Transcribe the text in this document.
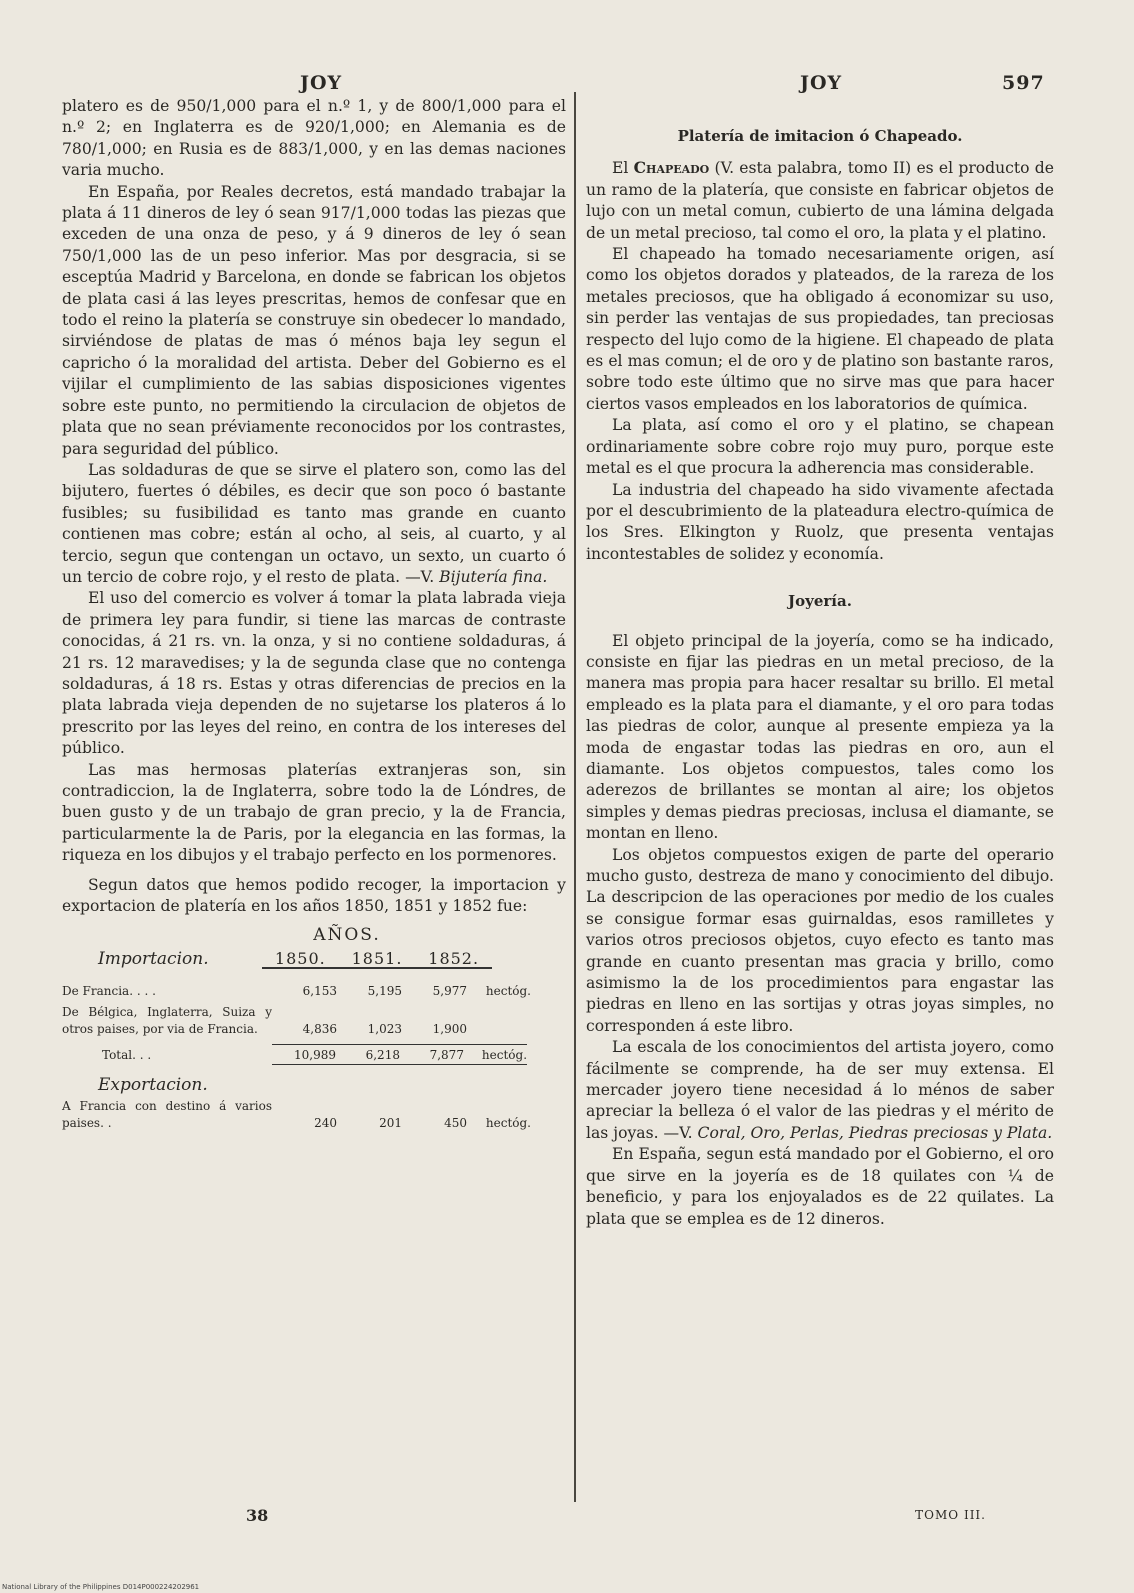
JOY	JOY	597

platero es de 950/1,000 para el n.º 1, y de 800/1,000 para el n.º 2; en Inglaterra es de 920/1,000; en Alemania es de 780/1,000; en Rusia es de 883/1,000, y en las demas naciones varia mucho.

En España, por Reales decretos, está mandado trabajar la plata á 11 dineros de ley ó sean 917/1,000 todas las piezas que exceden de una onza de peso, y á 9 dineros de ley ó sean 750/1,000 las de un peso inferior. Mas por desgracia, si se esceptúa Madrid y Barcelona, en donde se fabrican los objetos de plata casi á las leyes prescritas, hemos de confesar que en todo el reino la platería se construye sin obedecer lo mandado, sirviéndose de platas de mas ó ménos baja ley segun el capricho ó la moralidad del artista. Deber del Gobierno es el vijilar el cumplimiento de las sabias disposiciones vigentes sobre este punto, no permitiendo la circulacion de objetos de plata que no sean préviamente reconocidos por los contrastes, para seguridad del público.

Las soldaduras de que se sirve el platero son, como las del bijutero, fuertes ó débiles, es decir que son poco ó bastante fusibles; su fusibilidad es tanto mas grande en cuanto contienen mas cobre; están al ocho, al seis, al cuarto, y al tercio, segun que contengan un octavo, un sexto, un cuarto ó un tercio de cobre rojo, y el resto de plata. —V. Bijutería fina.

El uso del comercio es volver á tomar la plata labrada vieja de primera ley para fundir, si tiene las marcas de contraste conocidas, á 21 rs. vn. la onza, y si no contiene soldaduras, á 21 rs. 12 maravedises; y la de segunda clase que no contenga soldaduras, á 18 rs. Estas y otras diferencias de precios en la plata labrada vieja dependen de no sujetarse los plateros á lo prescrito por las leyes del reino, en contra de los intereses del público.

Las mas hermosas platerías extranjeras son, sin contradiccion, la de Inglaterra, sobre todo la de Lóndres, de buen gusto y de un trabajo de gran precio, y la de Francia, particularmente la de Paris, por la elegancia en las formas, la riqueza en los dibujos y el trabajo perfecto en los pormenores.

Segun datos que hemos podido recoger, la importacion y exportacion de platería en los años 1850, 1851 y 1852 fue:

AÑOS.
Importacion.	1850.	1851.	1852.
De Francia. . . .	6,153	5,195	5,977	hectóg.
De Bélgica, Inglaterra, Suiza y otros paises, por via de Francia.	4,836	1,023	1,900
Total. . .	10,989	6,218	7,877	hectóg.
Exportacion.
A Francia con destino á varios paises. .	240	201	450	hectóg.
Platería de imitacion ó Chapeado.

El Chapeado (V. esta palabra, tomo II) es el producto de un ramo de la platería, que consiste en fabricar objetos de lujo con un metal comun, cubierto de una lámina delgada de un metal precioso, tal como el oro, la plata y el platino.

El chapeado ha tomado necesariamente origen, así como los objetos dorados y plateados, de la rareza de los metales preciosos, que ha obligado á economizar su uso, sin perder las ventajas de sus propiedades, tan preciosas respecto del lujo como de la higiene. El chapeado de plata es el mas comun; el de oro y de platino son bastante raros, sobre todo este último que no sirve mas que para hacer ciertos vasos empleados en los laboratorios de química.

La plata, así como el oro y el platino, se chapean ordinariamente sobre cobre rojo muy puro, porque este metal es el que procura la adherencia mas considerable.

La industria del chapeado ha sido vivamente afectada por el descubrimiento de la plateadura electro-química de los Sres. Elkington y Ruolz, que presenta ventajas incontestables de solidez y economía.

Joyería.

El objeto principal de la joyería, como se ha indicado, consiste en fijar las piedras en un metal precioso, de la manera mas propia para hacer resaltar su brillo. El metal empleado es la plata para el diamante, y el oro para todas las piedras de color, aunque al presente empieza ya la moda de engastar todas las piedras en oro, aun el diamante. Los objetos compuestos, tales como los aderezos de brillantes se montan al aire; los objetos simples y demas piedras preciosas, inclusa el diamante, se montan en lleno.

Los objetos compuestos exigen de parte del operario mucho gusto, destreza de mano y conocimiento del dibujo. La descripcion de las operaciones por medio de los cuales se consigue formar esas guirnaldas, esos ramilletes y varios otros preciosos objetos, cuyo efecto es tanto mas grande en cuanto presentan mas gracia y brillo, como asimismo la de los procedimientos para engastar las piedras en lleno en las sortijas y otras joyas simples, no corresponden á este libro.

La escala de los conocimientos del artista joyero, como fácilmente se comprende, ha de ser muy extensa. El mercader joyero tiene necesidad á lo ménos de saber apreciar la belleza ó el valor de las piedras y el mérito de las joyas. —V. Coral, Oro, Perlas, Piedras preciosas y Plata.

En España, segun está mandado por el Gobierno, el oro que sirve en la joyería es de 18 quilates con ¼ de beneficio, y para los enjoyalados es de 22 quilates. La plata que se emplea es de 12 dineros.

38	TOMO III.
National Library of the Philippines D014P000224202961
